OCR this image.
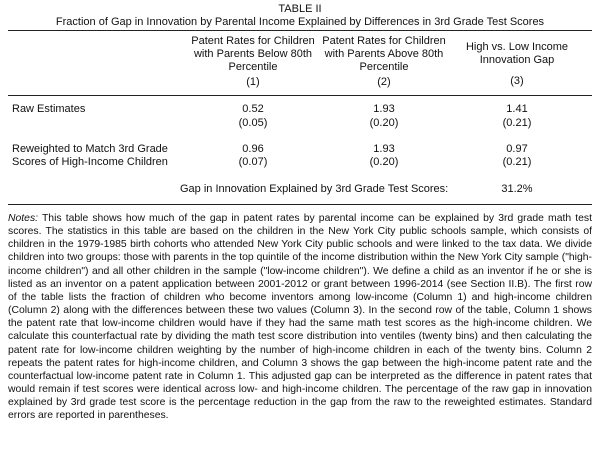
TABLE II
Fraction of Gap in Innovation by Parental Income Explained by Differences in 3rd Grade Test Scores
Patent Rates for Children
with Parents Below 80th
Percentile
(1)
Patent Rates for Children
with Parents Above 80th
Percentile
(2)
High vs. Low Income
Innovation Gap
(3)
Raw Estimates	0.52	1.93	1.41
(0.05)	(0.20)	(0.21)
Reweighted to Match 3rd Grade
Scores of High-Income Children
0.96	1.93	0.97
(0.07)	(0.20)	(0.21)
Gap in Innovation Explained by 3rd Grade Test Scores:	31.2%

Notes: This table shows how much of the gap in patent rates by parental income can be explained by 3rd grade math test scores. The statistics in this table are based on the children in the New York City public schools sample, which consists of children in the 1979-1985 birth cohorts who attended New York City public schools and were linked to the tax data. We divide children into two groups: those with parents in the top quintile of the income distribution within the New York City sample ("high-income children") and all other children in the sample ("low-income children"). We define a child as an inventor if he or she is listed as an inventor on a patent application between 2001-2012 or grant between 1996-2014 (see Section II.B). The first row of the table lists the fraction of children who become inventors among low-income (Column 1) and high-income children (Column 2) along with the differences between these two values (Column 3). In the second row of the table, Column 1 shows the patent rate that low-income children would have if they had the same math test scores as the high-income children. We calculate this counterfactual rate by dividing the math test score distribution into ventiles (twenty bins) and then calculating the patent rate for low-income children weighting by the number of high-income children in each of the twenty bins. Column 2 repeats the patent rates for high-income children, and Column 3 shows the gap between the high-income patent rate and the counterfactual low-income patent rate in Column 1. This adjusted gap can be interpreted as the difference in patent rates that would remain if test scores were identical across low- and high-income children. The percentage of the raw gap in innovation explained by 3rd grade test score is the percentage reduction in the gap from the raw to the reweighted estimates. Standard errors are reported in parentheses.
